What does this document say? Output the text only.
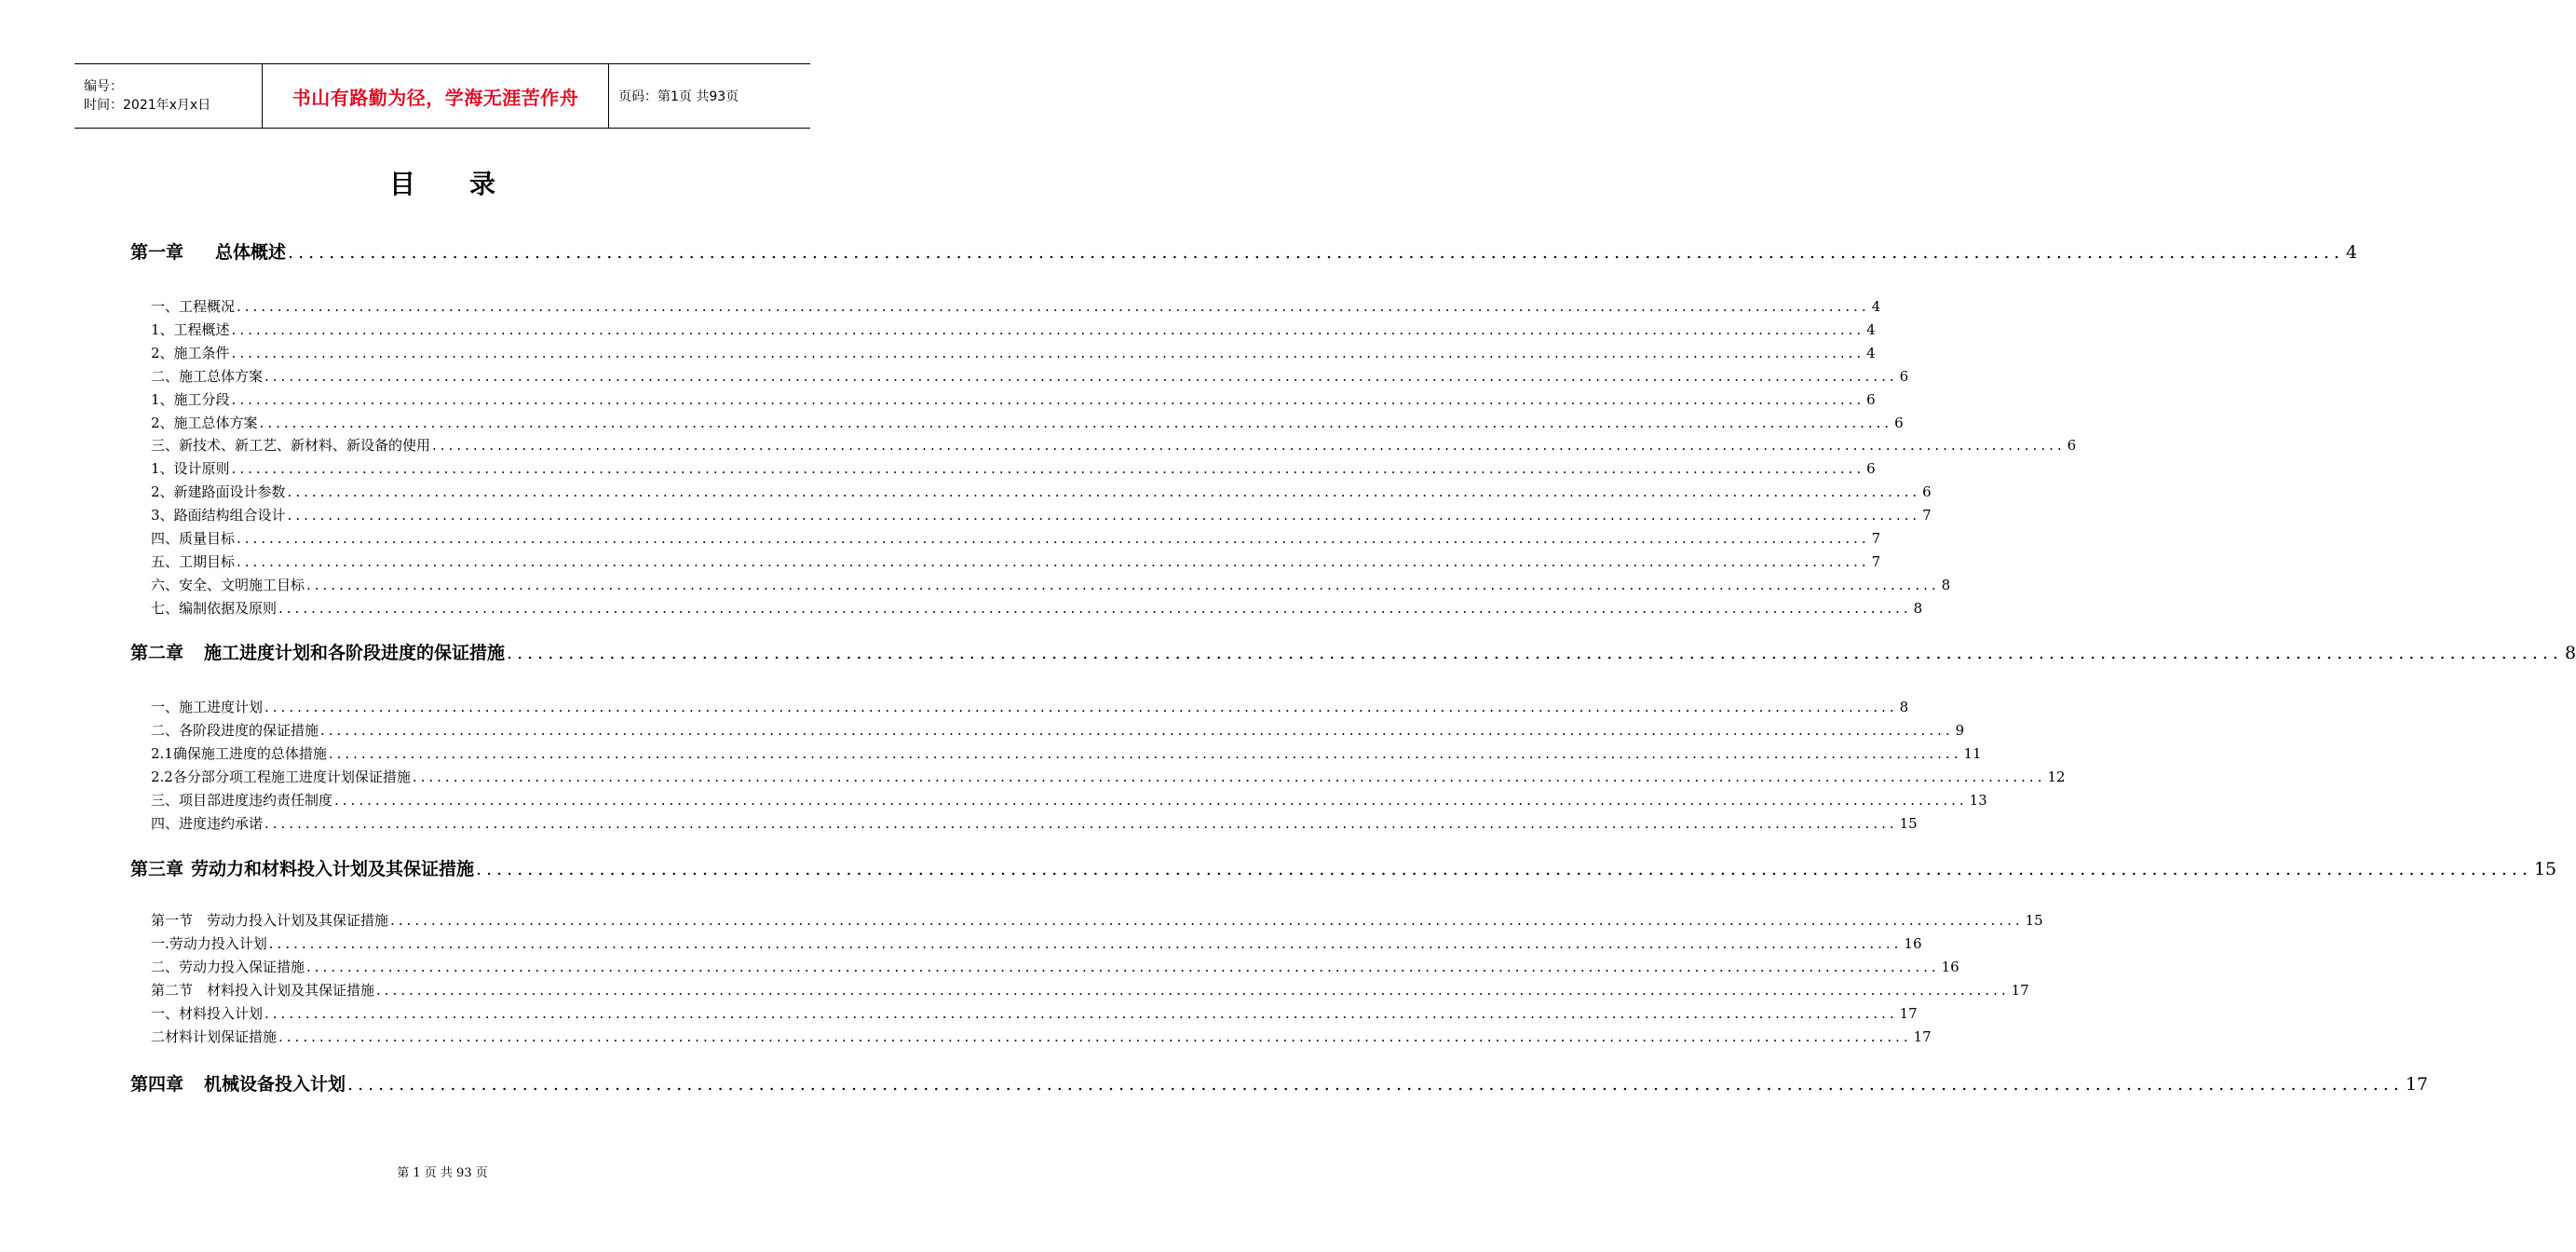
编号：
时间：2021年x月x日	书山有路勤为径，学海无涯苦作舟	页码：第1页 共93页
目 录
第一章 总体概述 ........................................................................................................................................................................................................ 4
一、工程概况 ........................................................................................................................................................................................................ 4
1、工程概述 ........................................................................................................................................................................................................ 4
2、施工条件 ........................................................................................................................................................................................................ 4
二、施工总体方案 ........................................................................................................................................................................................................ 6
1、施工分段 ........................................................................................................................................................................................................ 6
2、施工总体方案 ........................................................................................................................................................................................................ 6
三、新技术、新工艺、新材料、新设备的使用 ........................................................................................................................................................................................................ 6
1、设计原则 ........................................................................................................................................................................................................ 6
2、新建路面设计参数 ........................................................................................................................................................................................................ 6
3、路面结构组合设计 ........................................................................................................................................................................................................ 7
四、质量目标 ........................................................................................................................................................................................................ 7
五、工期目标 ........................................................................................................................................................................................................ 7
六、安全、文明施工目标 ........................................................................................................................................................................................................ 8
七、编制依据及原则 ........................................................................................................................................................................................................ 8
第二章 施工进度计划和各阶段进度的保证措施 ........................................................................................................................................................................................................ 8
一、施工进度计划 ........................................................................................................................................................................................................ 8
二、各阶段进度的保证措施 ........................................................................................................................................................................................................ 9
2.1确保施工进度的总体措施 ........................................................................................................................................................................................................ 11
2.2各分部分项工程施工进度计划保证措施 ........................................................................................................................................................................................................ 12
三、项目部进度违约责任制度 ........................................................................................................................................................................................................ 13
四、进度违约承诺 ........................................................................................................................................................................................................ 15
第三章 劳动力和材料投入计划及其保证措施 ........................................................................................................................................................................................................ 15
第一节　劳动力投入计划及其保证措施 ........................................................................................................................................................................................................ 15
一.劳动力投入计划 ........................................................................................................................................................................................................ 16
二、劳动力投入保证措施 ........................................................................................................................................................................................................ 16
第二节　材料投入计划及其保证措施 ........................................................................................................................................................................................................ 17
一、材料投入计划 ........................................................................................................................................................................................................ 17
二材料计划保证措施 ........................................................................................................................................................................................................ 17
第四章 机械设备投入计划 ........................................................................................................................................................................................................ 17
第 1 页 共 93 页
